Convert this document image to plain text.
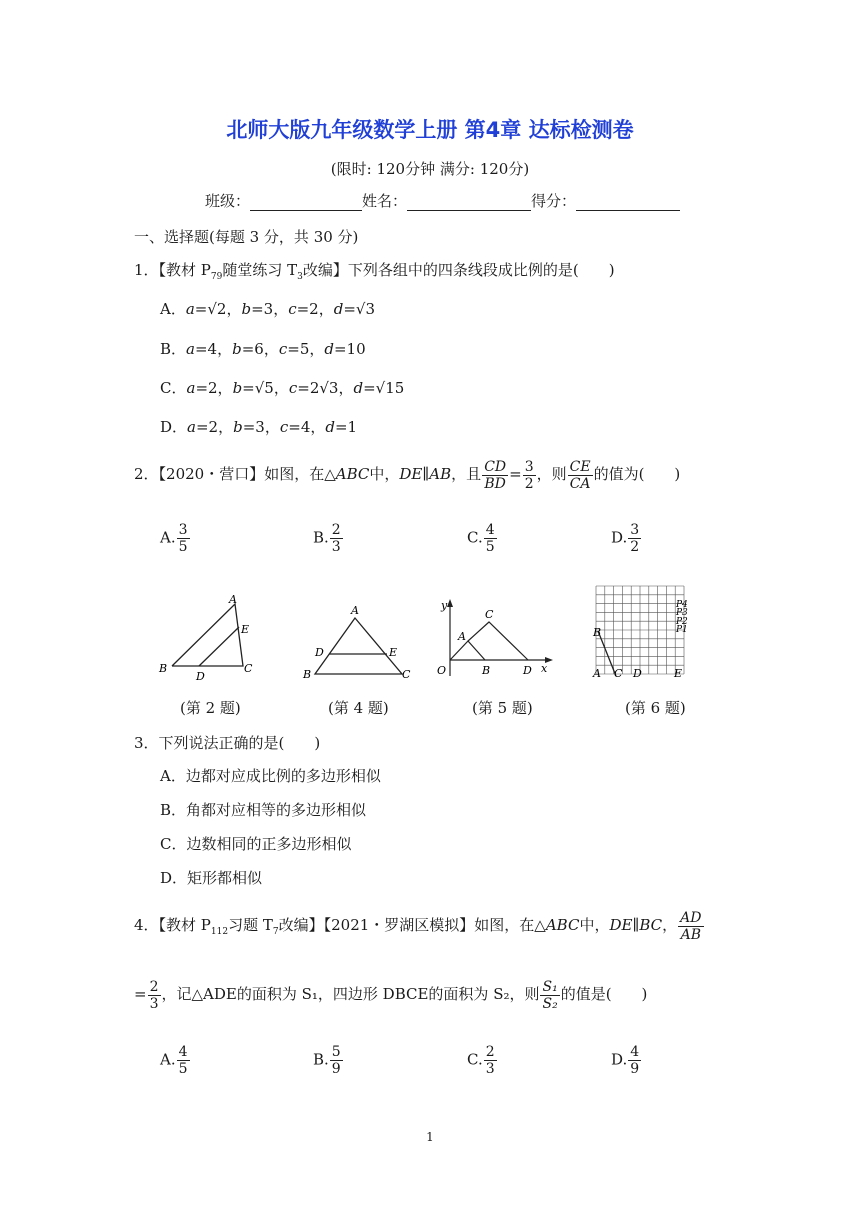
北师大版九年级数学上册 第4章 达标检测卷
(限时: 120分钟 满分: 120分)
班级：	姓名：	得分：
一、选择题(每题 3 分，共 30 分)
1．【教材 $P_{79}$随堂练习 $T_3$改编】下列各组中的四条线段成比例的是(　　)
A．a=√2，b=3，c=2，d=√3
B．a=4，b=6，c=5，d=10
C．a=2，b=√5，c=2√3，d=√15
D．a=2，b=3，c=4，d=1
2．【2020・营口】如图，在△ABC中，DE∥AB，且 $\frac{CD}{BD} = \frac{3}{2}$ ，则 $\frac{CE}{CA}$ 的值为(　　)
A. $\frac{3}{5}$	B. $\frac{2}{3}$	C. $\frac{4}{5}$	D. $\frac{3}{2}$
A
E
B
D
C
A
D	E
B	C
y
C
A
O	B	D x
B
A C D	E
P4
P3
P2
P1
(第 2 题)	(第 4 题)	(第 5 题)	(第 6 题)
3．下列说法正确的是(　　)
A．边都对应成比例的多边形相似
B．角都对应相等的多边形相似
C．边数相同的正多边形相似
D．矩形都相似
4．【教材 $P_{112}$习题 $T_7$改编】【2021・罗湖区模拟】如图，在△ABC中，DE∥BC， $\frac{AD}{AB}$
= $\frac{2}{3}$ ，记△ADE的面积为 S₁，四边形 DBCE的面积为 S₂，则 $\frac{\text{S₁}}{\text{S₂}}$ 的值是(　　)
A. $\frac{4}{5}$	B. $\frac{5}{9}$	C. $\frac{2}{3}$	D. $\frac{4}{9}$
1
